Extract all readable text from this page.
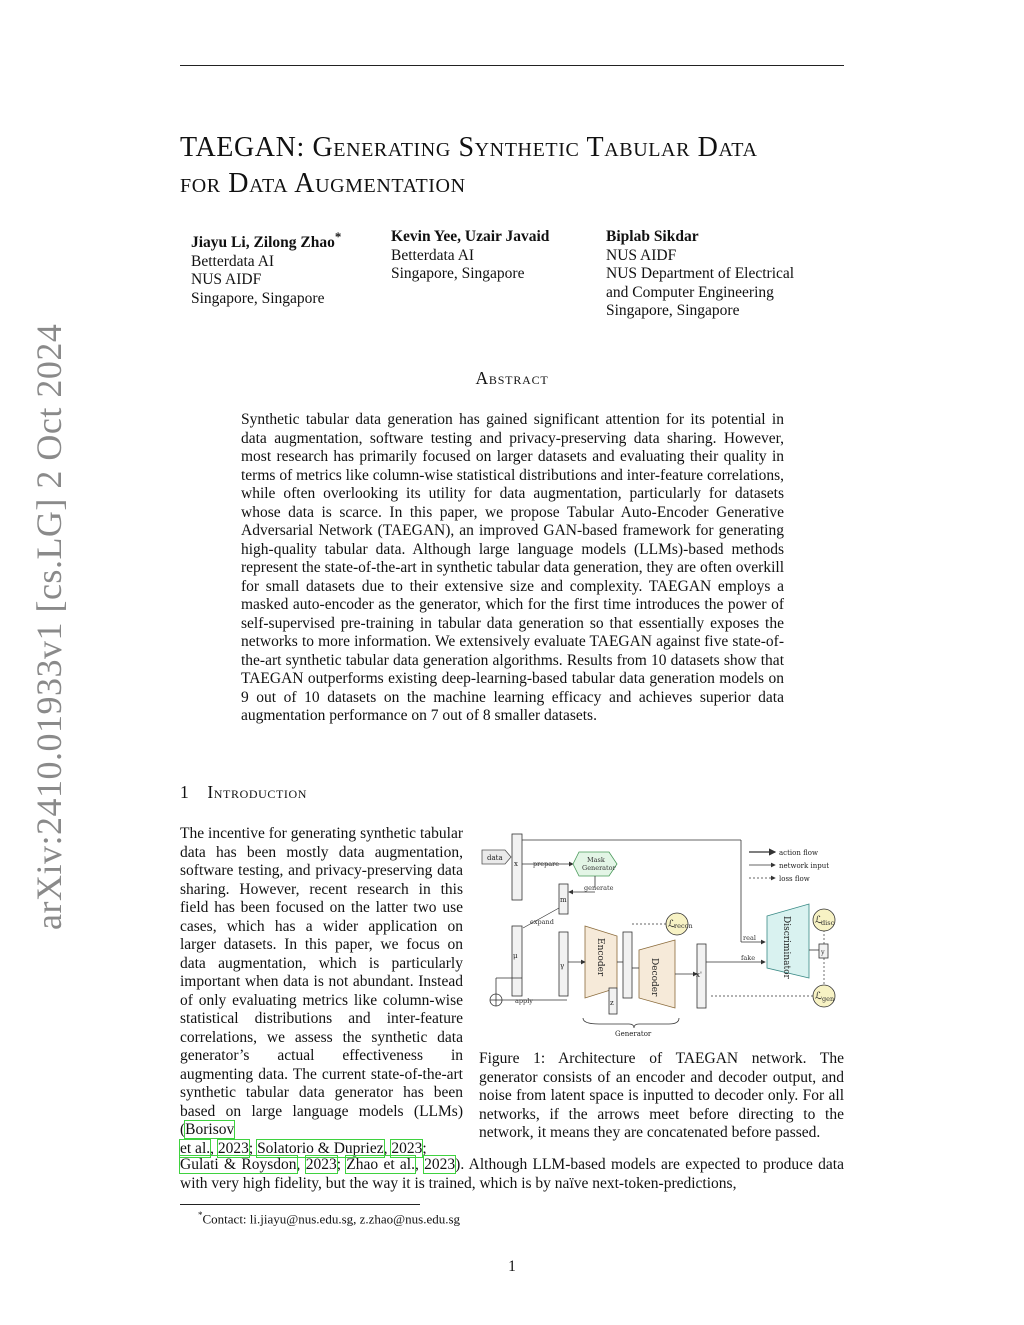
arXiv:2410.01933v1 [cs.LG] 2 Oct 2024
TAEGAN: Generating Synthetic Tabular Data
for Data Augmentation
Jiayu Li, Zilong Zhao*
Betterdata AI
NUS AIDF
Singapore, Singapore
Kevin Yee, Uzair Javaid
Betterdata AI
Singapore, Singapore
Biplab Sikdar
NUS AIDF
NUS Department of Electrical
and Computer Engineering
Singapore, Singapore
Abstract
Synthetic tabular data generation has gained significant attention for its potential in data augmentation, software testing and privacy-preserving data sharing. However, most research has primarily focused on larger datasets and evaluating their quality in terms of metrics like column-wise statistical distributions and inter-feature correlations, while often overlooking its utility for data augmentation, particularly for datasets whose data is scarce. In this paper, we propose Tabular Auto-Encoder Generative Adversarial Network (TAEGAN), an improved GAN-based framework for generating high-quality tabular data. Although large language models (LLMs)-based methods represent the state-of-the-art in synthetic tabular data generation, they are often overkill for small datasets due to their extensive size and complexity. TAEGAN employs a masked auto-encoder as the generator, which for the first time introduces the power of self-supervised pre-training in tabular data generation so that essentially exposes the networks to more information. We extensively evaluate TAEGAN against five state-of-the-art synthetic tabular data generation algorithms. Results from 10 datasets show that TAEGAN outperforms existing deep-learning-based tabular data generation models on 9 out of 10 datasets on the machine learning efficacy and achieves superior data augmentation performance on 7 out of 8 smaller datasets.
1 Introduction
The incentive for generating synthetic tabular data has been mostly data augmentation, software testing, and privacy-preserving data sharing. However, recent research in this field has been focused on the latter two use cases, which has a wider application on larger datasets. In this paper, we focus on data augmentation, which is particularly important when data is not abundant. Instead of only evaluating metrics like column-wise statistical distributions and inter-feature correlations, we assess the synthetic data generator’s actual effectiveness in augmenting data. The current state-of-the-art synthetic tabular data generator has been based on large language models (LLMs) (Borisov
et al., 2023; Solatorio & Dupriez, 2023;
Gulati & Roysdon, 2023; Zhao et al., 2023). Although LLM-based models are expected to produce data with very high fidelity, but the way it is trained, which is by naïve next-token-predictions,
action flow
network input
loss flow
data
x prepare	Mask
Generator
generate
m
expand
μ
γ
apply
Encoder
z
Decoder	x'
Generator
ℒ
recon
real
fake	Discriminator	y
ℒ
disc
ℒ gen
Figure 1: Architecture of TAEGAN network. The generator consists of an encoder and decoder output, and noise from latent space is inputted to decoder only. For all networks, if the arrows meet before directing to the network, it means they are concatenated before passed.
*Contact: li.jiayu@nus.edu.sg, z.zhao@nus.edu.sg
1
